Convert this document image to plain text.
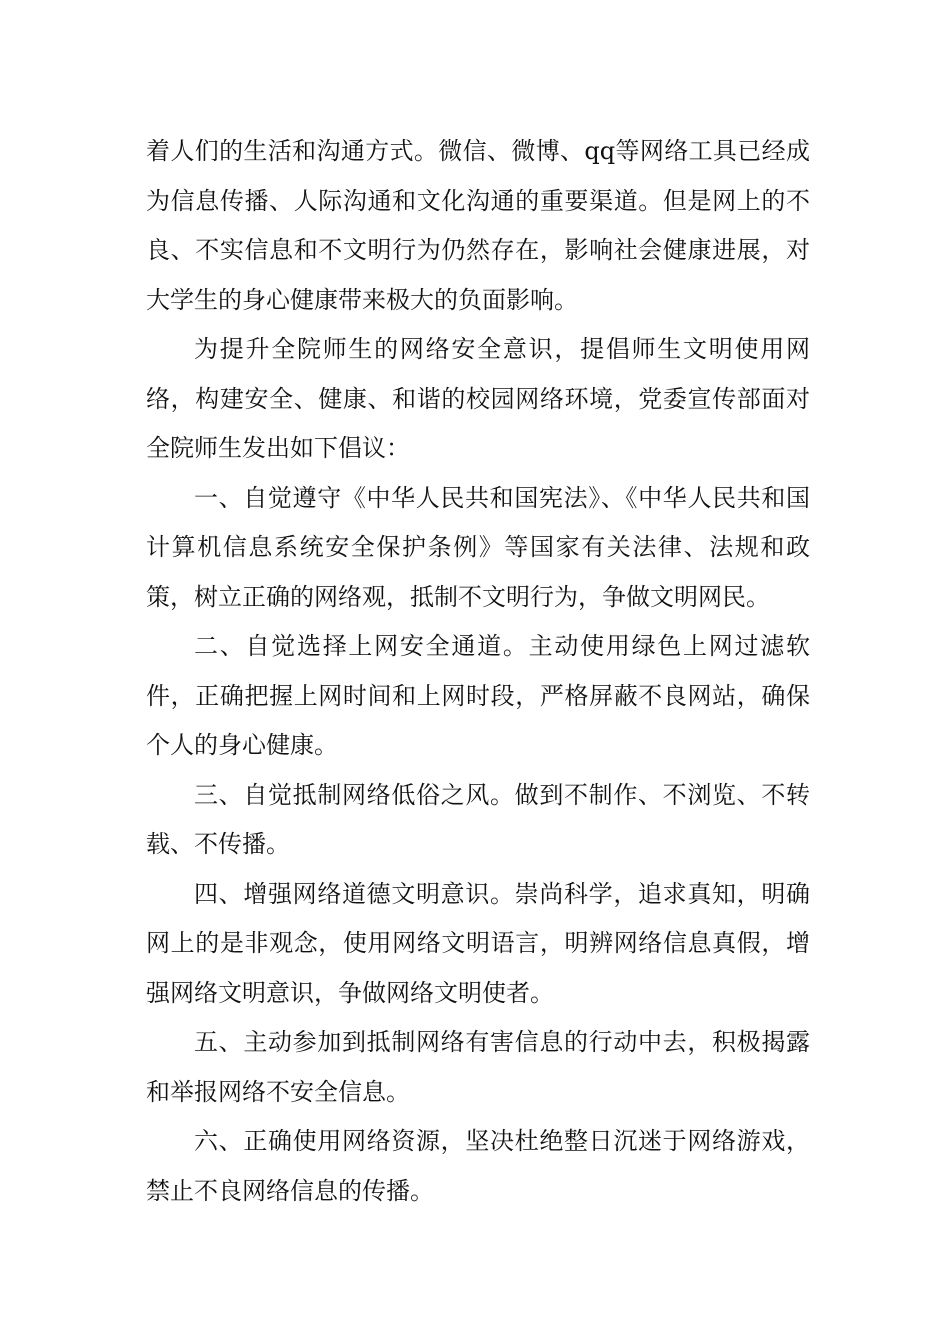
着人们的生活和沟通方式。微信、微博、qq等网络工具已经成为信息传播、人际沟通和文化沟通的重要渠道。但是网上的不良、不实信息和不文明行为仍然存在，影响社会健康进展，对大学生的身心健康带来极大的负面影响。

为提升全院师生的网络安全意识，提倡师生文明使用网络，构建安全、健康、和谐的校园网络环境，党委宣传部面对全院师生发出如下倡议：

一、自觉遵守《中华人民共和国宪法》、《中华人民共和国计算机信息系统安全保护条例》等国家有关法律、法规和政策，树立正确的网络观，抵制不文明行为，争做文明网民。

二、自觉选择上网安全通道。主动使用绿色上网过滤软件，正确把握上网时间和上网时段，严格屏蔽不良网站，确保个人的身心健康。

三、自觉抵制网络低俗之风。做到不制作、不浏览、不转载、不传播。

四、增强网络道德文明意识。崇尚科学，追求真知，明确网上的是非观念，使用网络文明语言，明辨网络信息真假，增强网络文明意识，争做网络文明使者。

五、主动参加到抵制网络有害信息的行动中去，积极揭露和举报网络不安全信息。

六、正确使用网络资源，坚决杜绝整日沉迷于网络游戏，禁止不良网络信息的传播。
